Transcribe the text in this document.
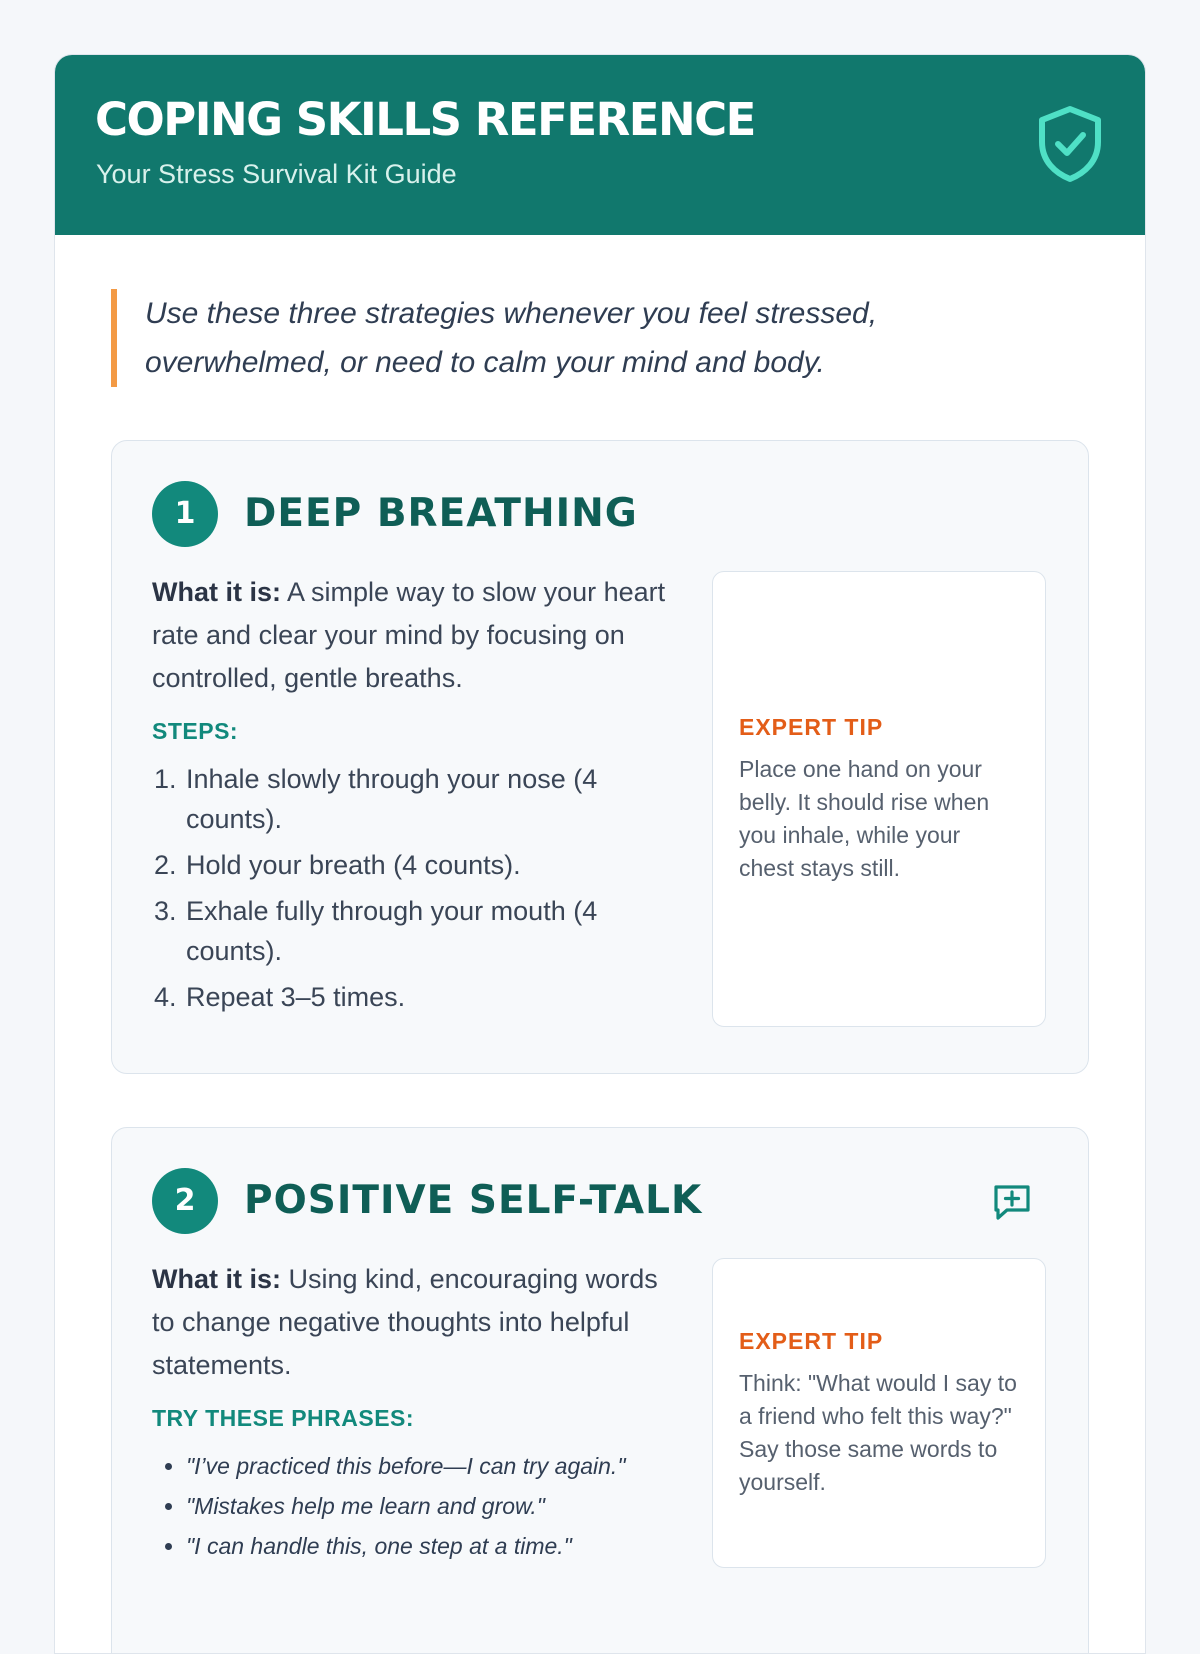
COPING SKILLS REFERENCE
Your Stress Survival Kit Guide
Use these three strategies whenever you feel stressed, overwhelmed, or need to calm your mind and body.
1	DEEP BREATHING

What it is: A simple way to slow your heart rate and clear your mind by focusing on controlled, gentle breaths.

STEPS:
1. Inhale slowly through your nose (4 counts).
2. Hold your breath (4 counts).
3. Exhale fully through your mouth (4 counts).
4. Repeat 3–5 times.
EXPERT TIP
Place one hand on your belly. It should rise when you inhale, while your chest stays still.
2	POSITIVE SELF-TALK

What it is: Using kind, encouraging words to change negative thoughts into helpful statements.

TRY THESE PHRASES:
• "I’ve practiced this before—I can try again."
• "Mistakes help me learn and grow."
• "I can handle this, one step at a time."
EXPERT TIP
Think: "What would I say to a friend who felt this way?" Say those same words to yourself.
